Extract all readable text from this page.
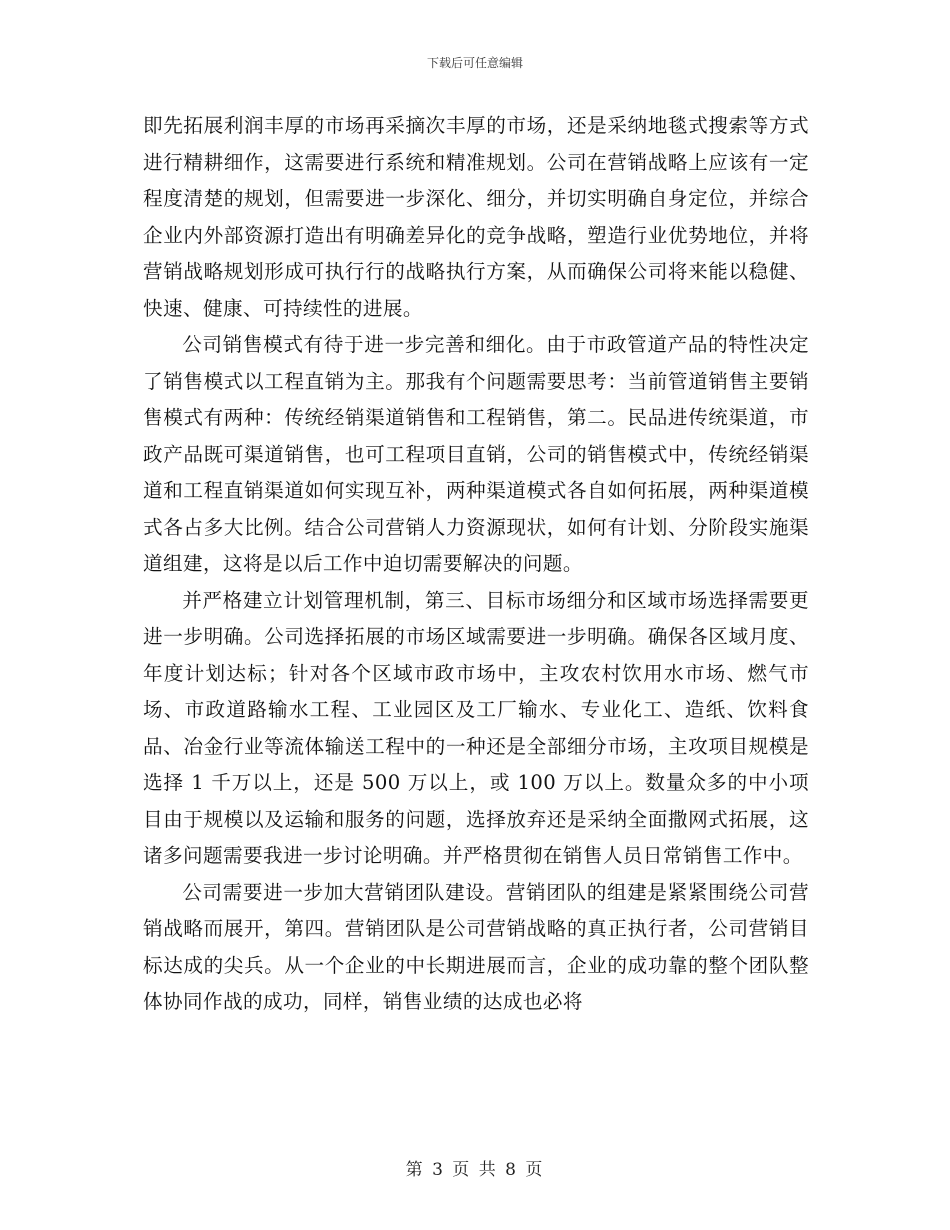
下载后可任意编辑

即先拓展利润丰厚的市场再采摘次丰厚的市场，还是采纳地毯式搜索等方式进行精耕细作，这需要进行系统和精准规划。公司在营销战略上应该有一定程度清楚的规划，但需要进一步深化、细分，并切实明确自身定位，并综合企业内外部资源打造出有明确差异化的竞争战略，塑造行业优势地位，并将营销战略规划形成可执行行的战略执行方案，从而确保公司将来能以稳健、快速、健康、可持续性的进展。

公司销售模式有待于进一步完善和细化。由于市政管道产品的特性决定了销售模式以工程直销为主。那我有个问题需要思考：当前管道销售主要销售模式有两种：传统经销渠道销售和工程销售，第二。民品进传统渠道，市政产品既可渠道销售，也可工程项目直销，公司的销售模式中，传统经销渠道和工程直销渠道如何实现互补，两种渠道模式各自如何拓展，两种渠道模式各占多大比例。结合公司营销人力资源现状，如何有计划、分阶段实施渠道组建，这将是以后工作中迫切需要解决的问题。

并严格建立计划管理机制，第三、目标市场细分和区域市场选择需要更进一步明确。公司选择拓展的市场区域需要进一步明确。确保各区域月度、年度计划达标；针对各个区域市政市场中，主攻农村饮用水市场、燃气市场、市政道路输水工程、工业园区及工厂输水、专业化工、造纸、饮料食品、冶金行业等流体输送工程中的一种还是全部细分市场，主攻项目规模是选择 1 千万以上，还是 500 万以上，或 100 万以上。数量众多的中小项目由于规模以及运输和服务的问题，选择放弃还是采纳全面撒网式拓展，这诸多问题需要我进一步讨论明确。并严格贯彻在销售人员日常销售工作中。

公司需要进一步加大营销团队建设。营销团队的组建是紧紧围绕公司营销战略而展开，第四。营销团队是公司营销战略的真正执行者，公司营销目标达成的尖兵。从一个企业的中长期进展而言，企业的成功靠的整个团队整体协同作战的成功，同样，销售业绩的达成也必将

第 3 页 共 8 页
